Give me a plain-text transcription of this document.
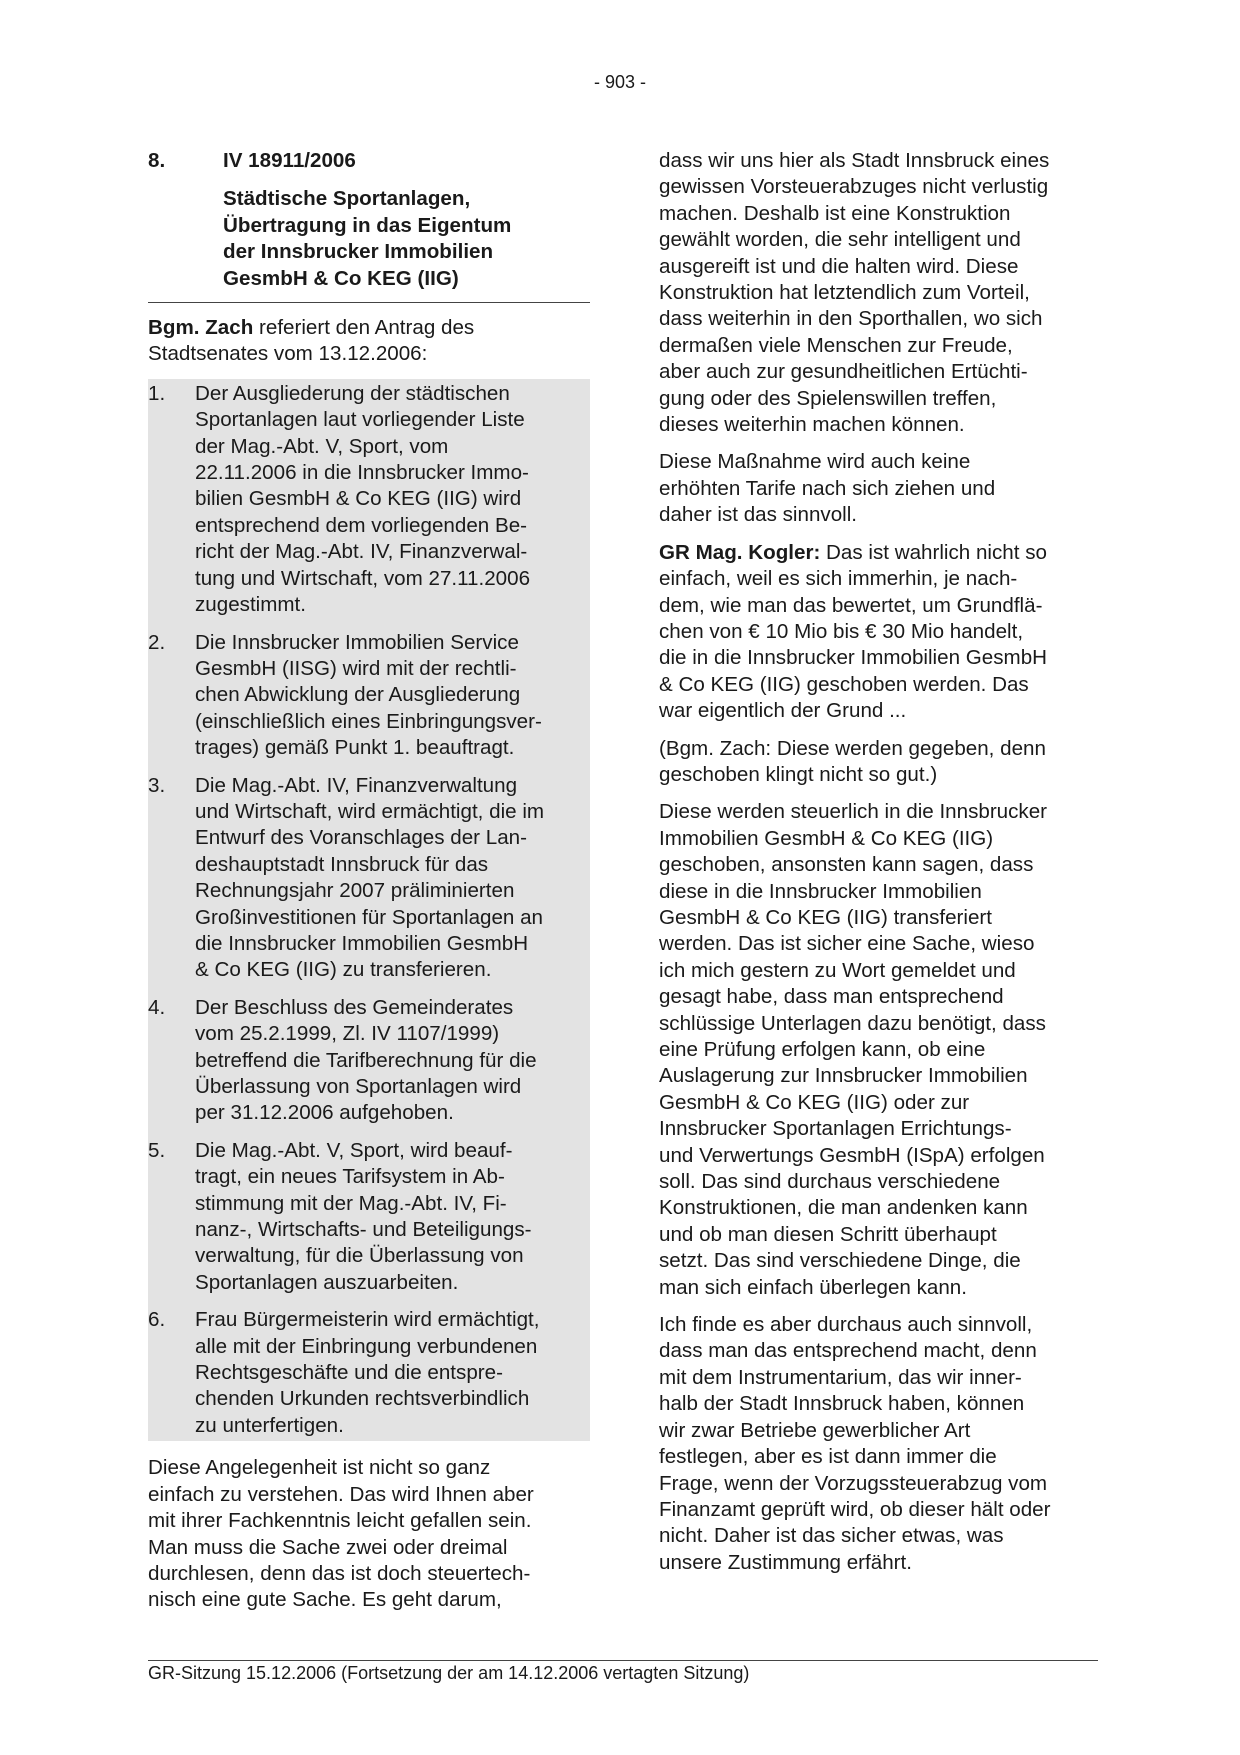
- 903 -
8.	IV 18911/2006
Städtische Sportanlagen,
Übertragung in das Eigentum
der Innsbrucker Immobilien
GesmbH & Co KEG (IIG)
Bgm. Zach referiert den Antrag des
Stadtsenates vom 13.12.2006:
1.	Der Ausgliederung der städtischen
Sportanlagen laut vorliegender Liste
der Mag.-Abt. V, Sport, vom
22.11.2006 in die Innsbrucker Immo-
bilien GesmbH & Co KEG (IIG) wird
entsprechend dem vorliegenden Be-
richt der Mag.-Abt. IV, Finanzverwal-
tung und Wirtschaft, vom 27.11.2006
zugestimmt.
2.	Die Innsbrucker Immobilien Service
GesmbH (IISG) wird mit der rechtli-
chen Abwicklung der Ausgliederung
(einschließlich eines Einbringungsver-
trages) gemäß Punkt 1. beauftragt.
3.	Die Mag.-Abt. IV, Finanzverwaltung
und Wirtschaft, wird ermächtigt, die im
Entwurf des Voranschlages der Lan-
deshauptstadt Innsbruck für das
Rechnungsjahr 2007 präliminierten
Großinvestitionen für Sportanlagen an
die Innsbrucker Immobilien GesmbH
& Co KEG (IIG) zu transferieren.
4.	Der Beschluss des Gemeinderates
vom 25.2.1999, Zl. IV 1107/1999)
betreffend die Tarifberechnung für die
Überlassung von Sportanlagen wird
per 31.12.2006 aufgehoben.
5.	Die Mag.-Abt. V, Sport, wird beauf-
tragt, ein neues Tarifsystem in Ab-
stimmung mit der Mag.-Abt. IV, Fi-
nanz-, Wirtschafts- und Beteiligungs-
verwaltung, für die Überlassung von
Sportanlagen auszuarbeiten.
6.	Frau Bürgermeisterin wird ermächtigt,
alle mit der Einbringung verbundenen
Rechtsgeschäfte und die entspre-
chenden Urkunden rechtsverbindlich
zu unterfertigen.
Diese Angelegenheit ist nicht so ganz
einfach zu verstehen. Das wird Ihnen aber
mit ihrer Fachkenntnis leicht gefallen sein.
Man muss die Sache zwei oder dreimal
durchlesen, denn das ist doch steuertech-
nisch eine gute Sache. Es geht darum,
dass wir uns hier als Stadt Innsbruck eines
gewissen Vorsteuerabzuges nicht verlustig
machen. Deshalb ist eine Konstruktion
gewählt worden, die sehr intelligent und
ausgereift ist und die halten wird. Diese
Konstruktion hat letztendlich zum Vorteil,
dass weiterhin in den Sporthallen, wo sich
dermaßen viele Menschen zur Freude,
aber auch zur gesundheitlichen Ertüchti-
gung oder des Spielenswillen treffen,
dieses weiterhin machen können.
Diese Maßnahme wird auch keine
erhöhten Tarife nach sich ziehen und
daher ist das sinnvoll.
GR Mag. Kogler: Das ist wahrlich nicht so
einfach, weil es sich immerhin, je nach-
dem, wie man das bewertet, um Grundflä-
chen von € 10 Mio bis € 30 Mio handelt,
die in die Innsbrucker Immobilien GesmbH
& Co KEG (IIG) geschoben werden. Das
war eigentlich der Grund ...
(Bgm. Zach: Diese werden gegeben, denn
geschoben klingt nicht so gut.)
Diese werden steuerlich in die Innsbrucker
Immobilien GesmbH & Co KEG (IIG)
geschoben, ansonsten kann sagen, dass
diese in die Innsbrucker Immobilien
GesmbH & Co KEG (IIG) transferiert
werden. Das ist sicher eine Sache, wieso
ich mich gestern zu Wort gemeldet und
gesagt habe, dass man entsprechend
schlüssige Unterlagen dazu benötigt, dass
eine Prüfung erfolgen kann, ob eine
Auslagerung zur Innsbrucker Immobilien
GesmbH & Co KEG (IIG) oder zur
Innsbrucker Sportanlagen Errichtungs-
und Verwertungs GesmbH (ISpA) erfolgen
soll. Das sind durchaus verschiedene
Konstruktionen, die man andenken kann
und ob man diesen Schritt überhaupt
setzt. Das sind verschiedene Dinge, die
man sich einfach überlegen kann.
Ich finde es aber durchaus auch sinnvoll,
dass man das entsprechend macht, denn
mit dem Instrumentarium, das wir inner-
halb der Stadt Innsbruck haben, können
wir zwar Betriebe gewerblicher Art
festlegen, aber es ist dann immer die
Frage, wenn der Vorzugssteuerabzug vom
Finanzamt geprüft wird, ob dieser hält oder
nicht. Daher ist das sicher etwas, was
unsere Zustimmung erfährt.
GR-Sitzung 15.12.2006 (Fortsetzung der am 14.12.2006 vertagten Sitzung)
